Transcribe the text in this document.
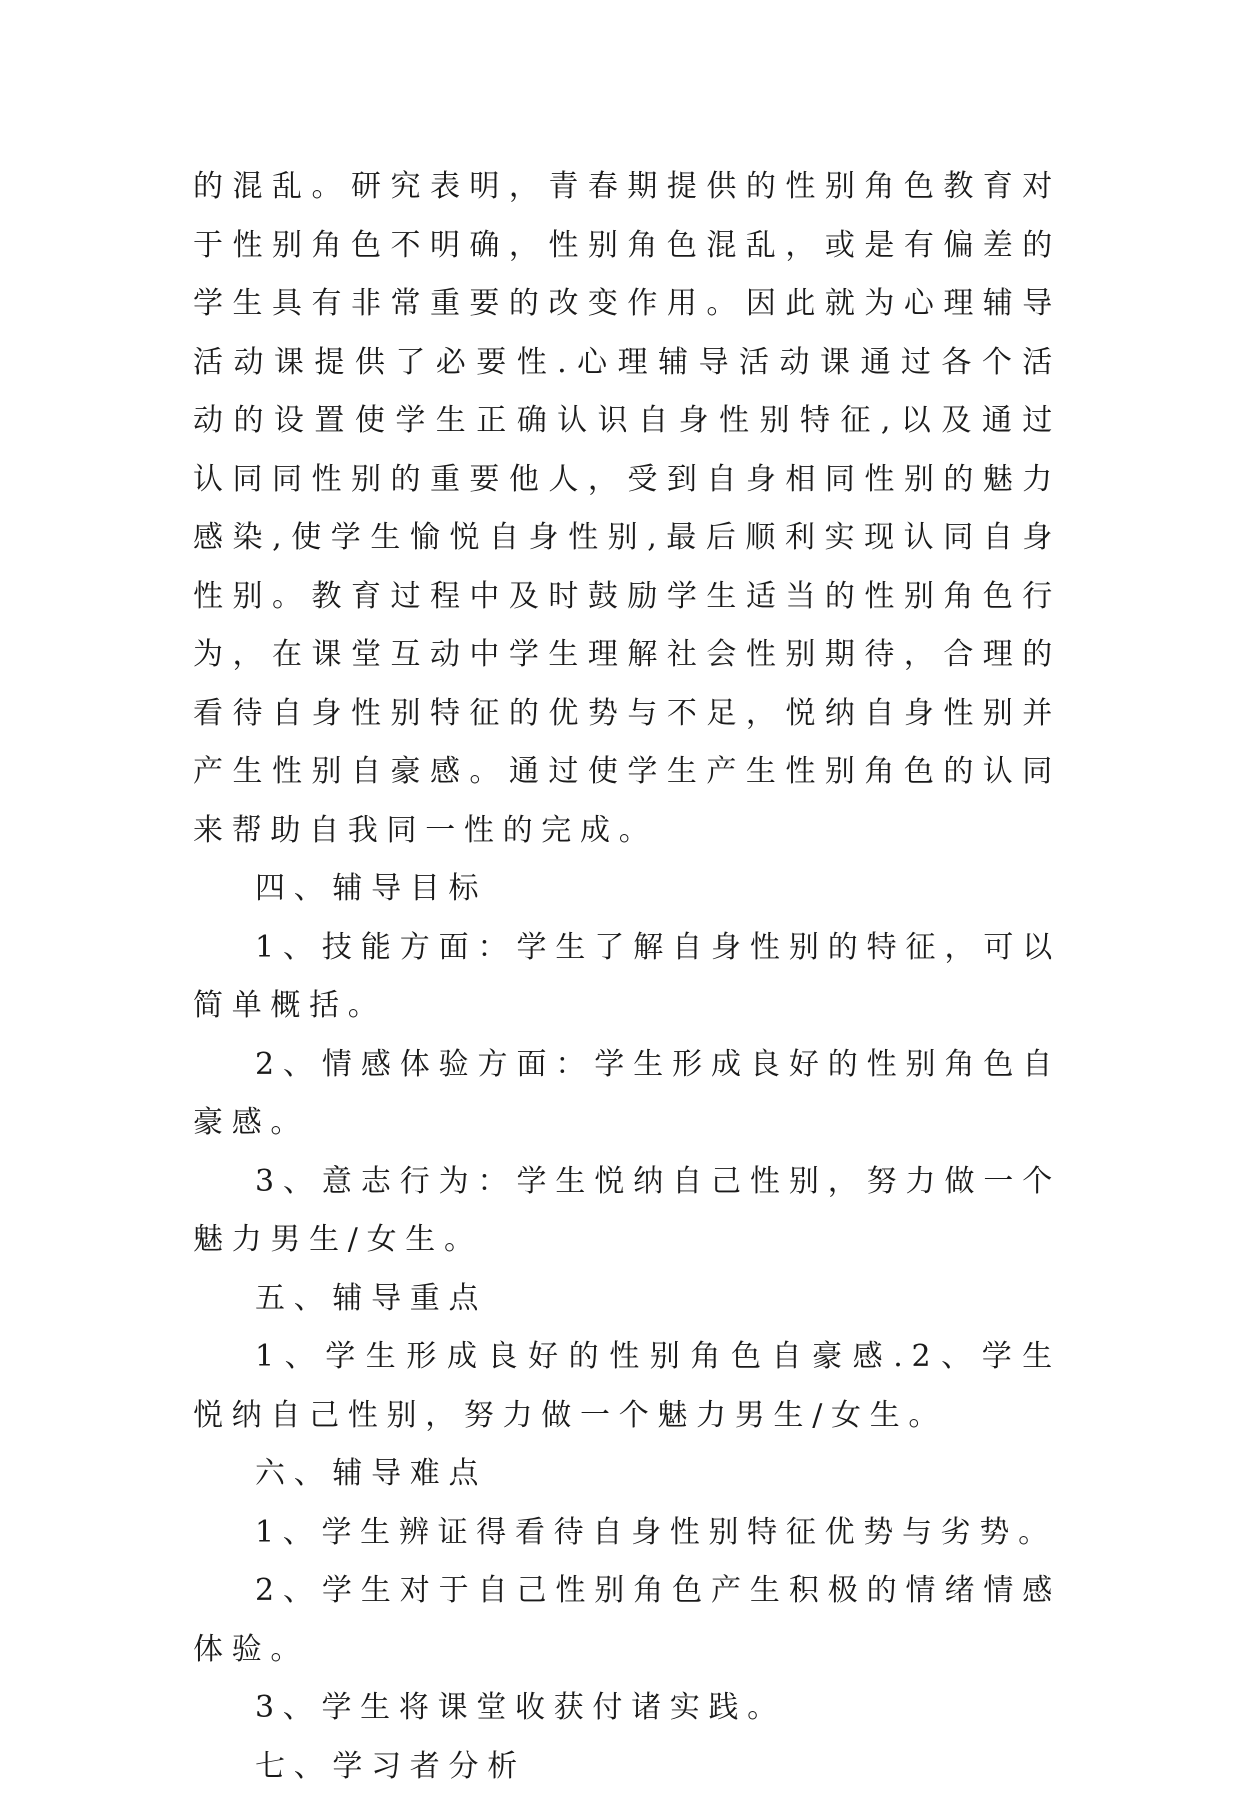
的混乱。研究表明，青春期提供的性别角色教育对于性别角色不明确，性别角色混乱，或是有偏差的学生具有非常重要的改变作用。因此就为心理辅导活动课提供了必要性.心理辅导活动课通过各个活动的设置使学生正确认识自身性别特征,以及通过认同同性别的重要他人，受到自身相同性别的魅力感染,使学生愉悦自身性别,最后顺利实现认同自身性别。教育过程中及时鼓励学生适当的性别角色行为，在课堂互动中学生理解社会性别期待，合理的看待自身性别特征的优势与不足，悦纳自身性别并产生性别自豪感。通过使学生产生性别角色的认同来帮助自我同一性的完成。

四、辅导目标

1、技能方面：学生了解自身性别的特征，可以简单概括。

2、情感体验方面：学生形成良好的性别角色自豪感。

3、意志行为：学生悦纳自己性别，努力做一个魅力男生/女生。

五、辅导重点

1、学生形成良好的性别角色自豪感.2、学生悦纳自己性别，努力做一个魅力男生/女生。

六、辅导难点

1、学生辨证得看待自身性别特征优势与劣势。

2、学生对于自己性别角色产生积极的情绪情感体验。

3、学生将课堂收获付诸实践。

七、学习者分析
